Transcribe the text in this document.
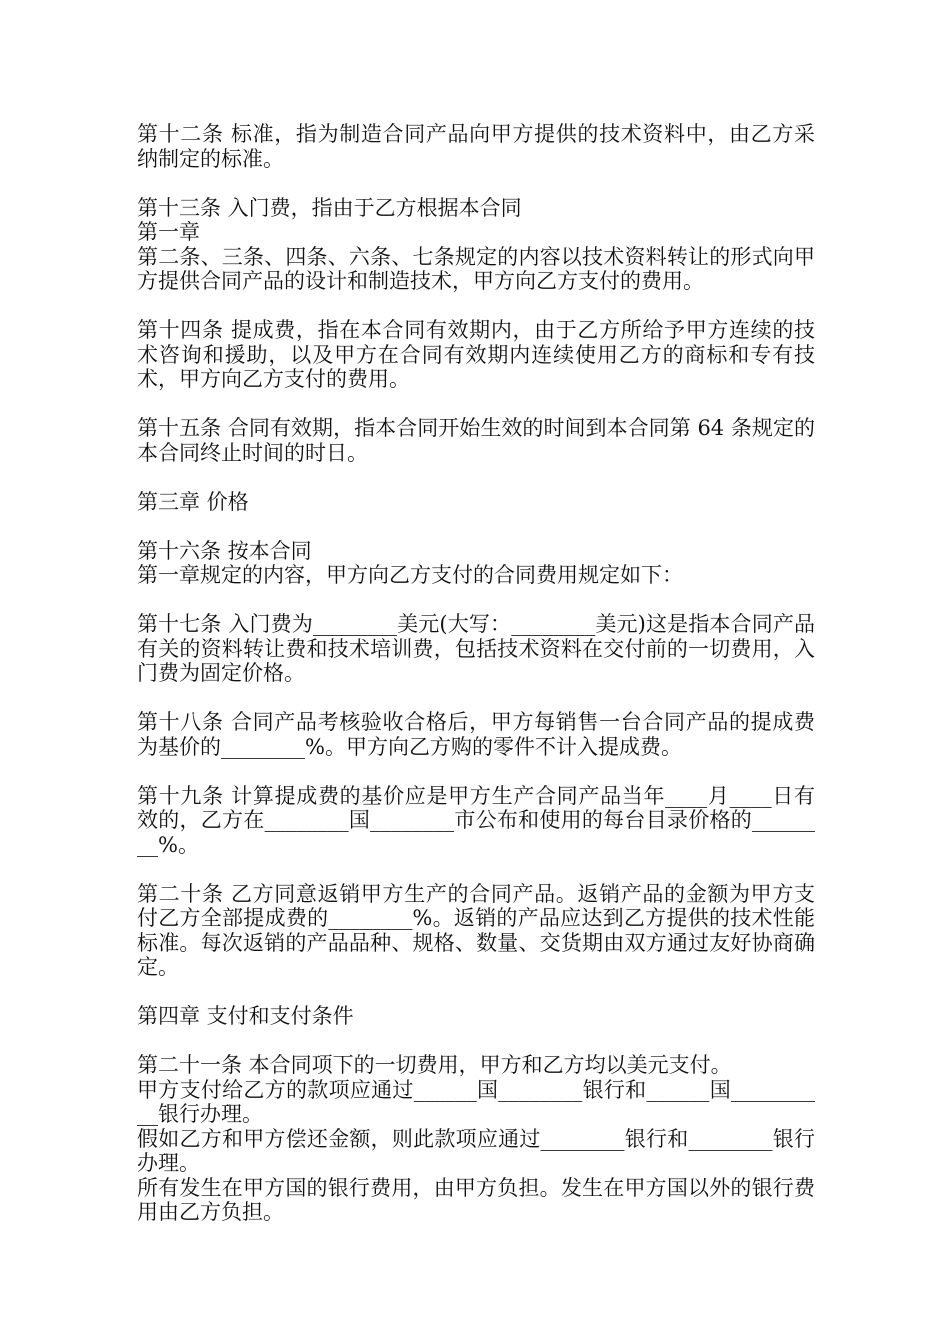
第十二条 标准，指为制造合同产品向甲方提供的技术资料中，由乙方采纳制定的标准。

第十三条 入门费，指由于乙方根据本合同

第一章

第二条、三条、四条、六条、七条规定的内容以技术资料转让的形式向甲方提供合同产品的设计和制造技术，甲方向乙方支付的费用。

第十四条 提成费，指在本合同有效期内，由于乙方所给予甲方连续的技术咨询和援助，以及甲方在合同有效期内连续使用乙方的商标和专有技术，甲方向乙方支付的费用。

第十五条 合同有效期，指本合同开始生效的时间到本合同第 64 条规定的本合同终止时间的时日。

第三章 价格

第十六条 按本合同

第一章规定的内容，甲方向乙方支付的合同费用规定如下：

第十七条 入门费为________美元(大写：________美元)这是指本合同产品有关的资料转让费和技术培训费，包括技术资料在交付前的一切费用，入门费为固定价格。

第十八条 合同产品考核验收合格后，甲方每销售一台合同产品的提成费为基价的________%。甲方向乙方购的零件不计入提成费。

第十九条 计算提成费的基价应是甲方生产合同产品当年____月____日有效的，乙方在________国________市公布和使用的每台目录价格的________%。

第二十条 乙方同意返销甲方生产的合同产品。返销产品的金额为甲方支付乙方全部提成费的________%。返销的产品应达到乙方提供的技术性能标准。每次返销的产品品种、规格、数量、交货期由双方通过友好协商确定。

第四章 支付和支付条件

第二十一条 本合同项下的一切费用，甲方和乙方均以美元支付。

甲方支付给乙方的款项应通过______国________银行和______国__________银行办理。

假如乙方和甲方偿还金额，则此款项应通过________银行和________银行办理。

所有发生在甲方国的银行费用，由甲方负担。发生在甲方国以外的银行费用由乙方负担。
